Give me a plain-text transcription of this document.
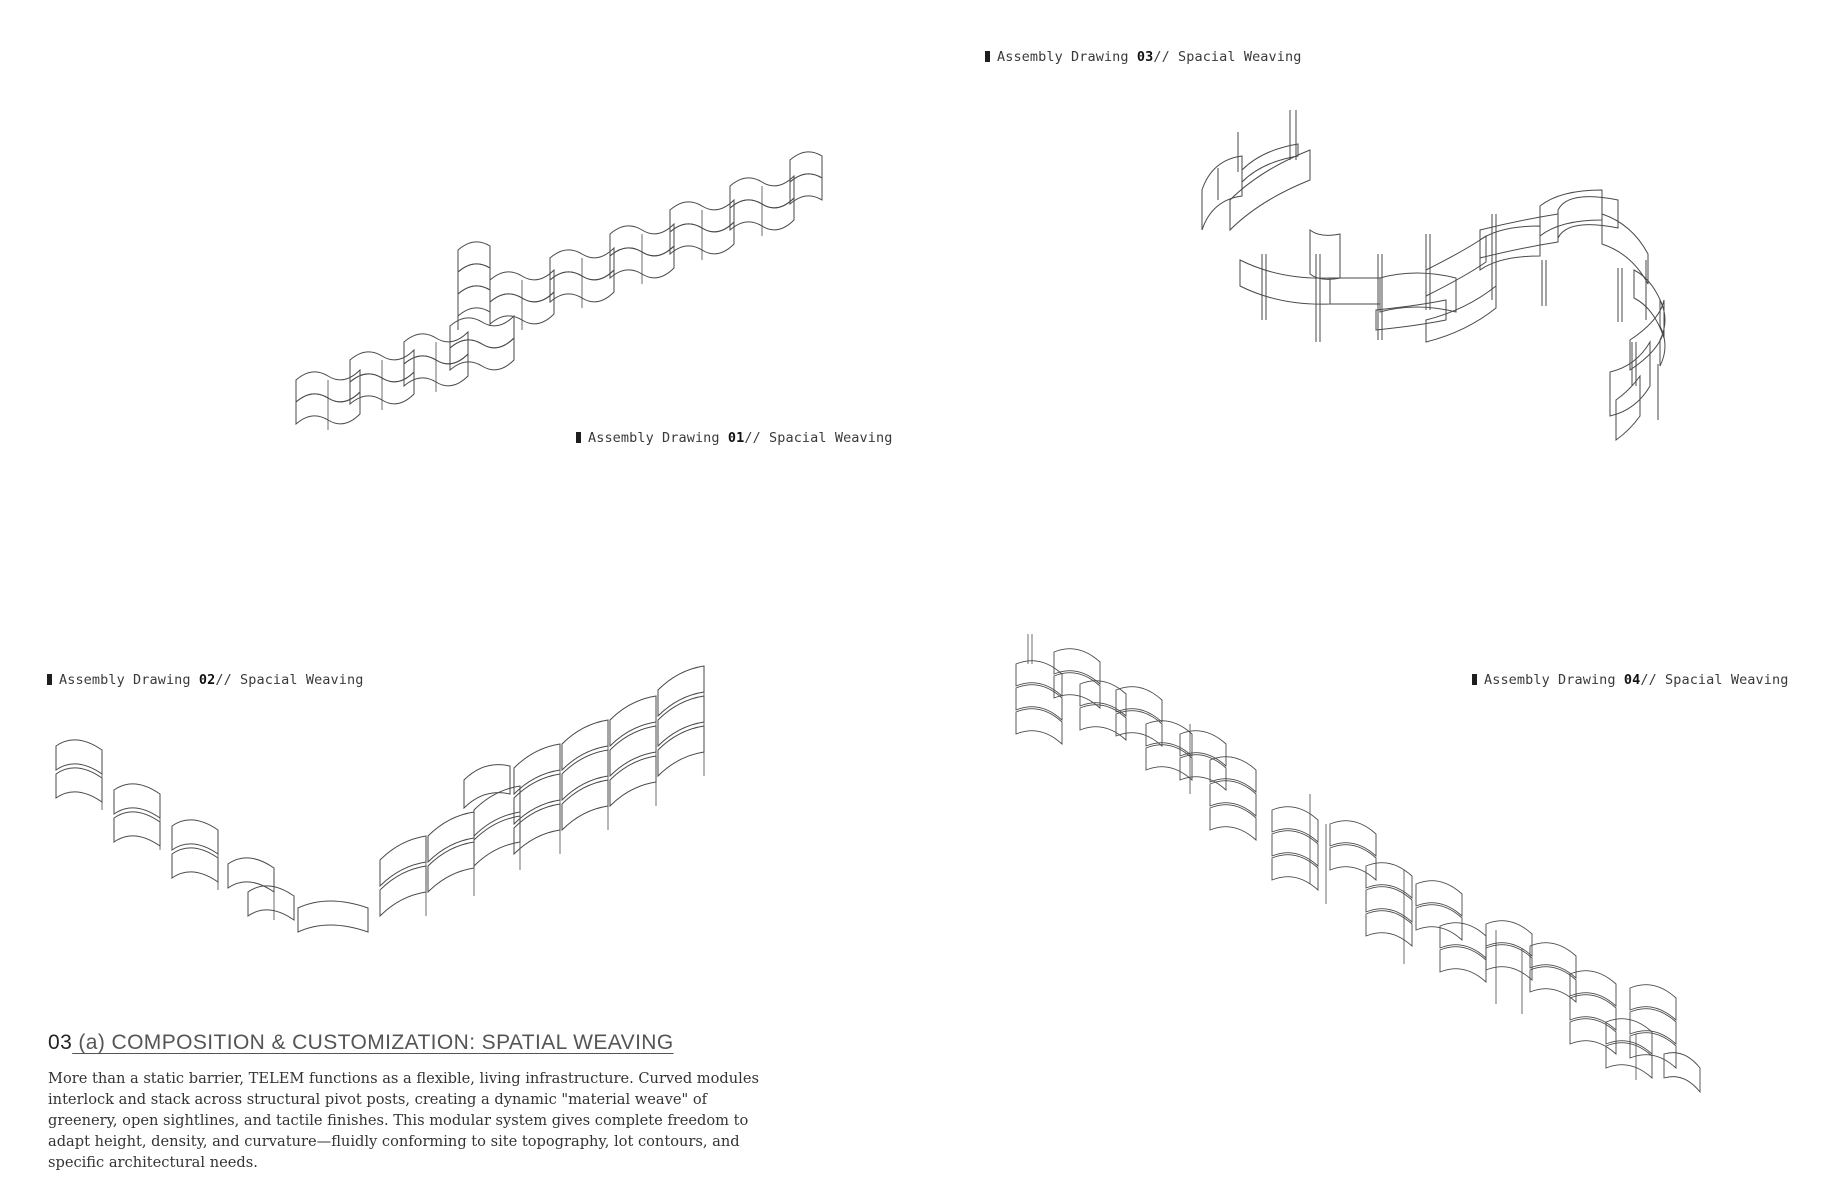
Assembly Drawing 01// Spacial Weaving
Assembly Drawing 03// Spacial Weaving
Assembly Drawing 02// Spacial Weaving	Assembly Drawing 04// Spacial Weaving
03 (a) COMPOSITION & CUSTOMIZATION: SPATIAL WEAVING

More than a static barrier, TELEM functions as a flexible, living infrastructure. Curved modules
interlock and stack across structural pivot posts, creating a dynamic "material weave" of
greenery, open sightlines, and tactile finishes. This modular system gives complete freedom to
adapt height, density, and curvature—fluidly conforming to site topography, lot contours, and
specific architectural needs.
